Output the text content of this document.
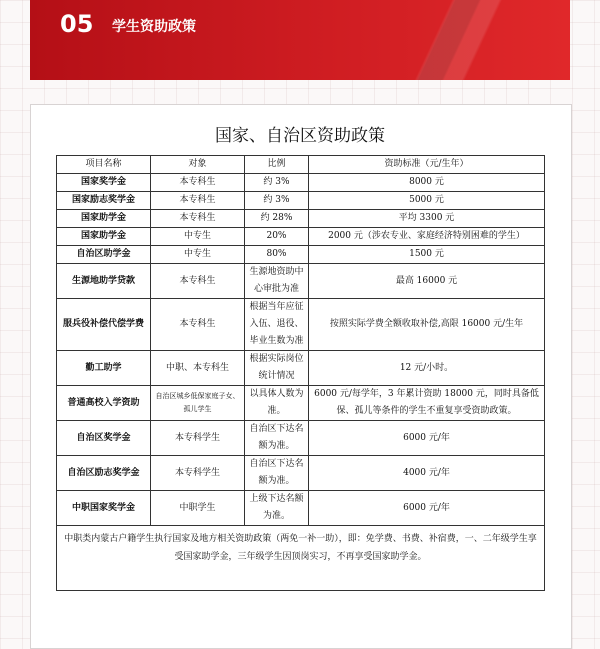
05 学生资助政策
国家、自治区资助政策
项目名称	对象	比例	资助标准（元/生年）
国家奖学金	本专科生	约 3%	8000 元
国家励志奖学金	本专科生	约 3%	5000 元
国家助学金	本专科生	约 28%	平均 3300 元
国家助学金	中专生	20%	2000 元（涉农专业、家庭经济特别困难的学生）
自治区助学金	中专生	80%	1500 元
生源地助学贷款	本专科生	生源地资助中心审批为准	最高 16000 元
服兵役补偿代偿学费	本专科生	根据当年应征入伍、退役、毕业生数为准	按照实际学费全额收取补偿,高限 16000 元/生年
勤工助学	中职、本专科生	根据实际岗位统计情况	12 元/小时。
普通高校入学资助	自治区城乡低保家庭子女、孤儿学生	以具体人数为准。	6000 元/每学年，3 年累计资助 18000 元，同时具备低保、孤儿等条件的学生不重复享受资助政策。
自治区奖学金	本专科学生	自治区下达名额为准。	6000 元/年
自治区励志奖学金	本专科学生	自治区下达名额为准。	4000 元/年
中职国家奖学金	中职学生	上级下达名额为准。	6000 元/年
中职类内蒙古户籍学生执行国家及地方相关资助政策（两免一补一助），即：免学费、书费、补宿费，一、二年级学生享受国家助学金，三年级学生因顶岗实习，不再享受国家助学金。			
